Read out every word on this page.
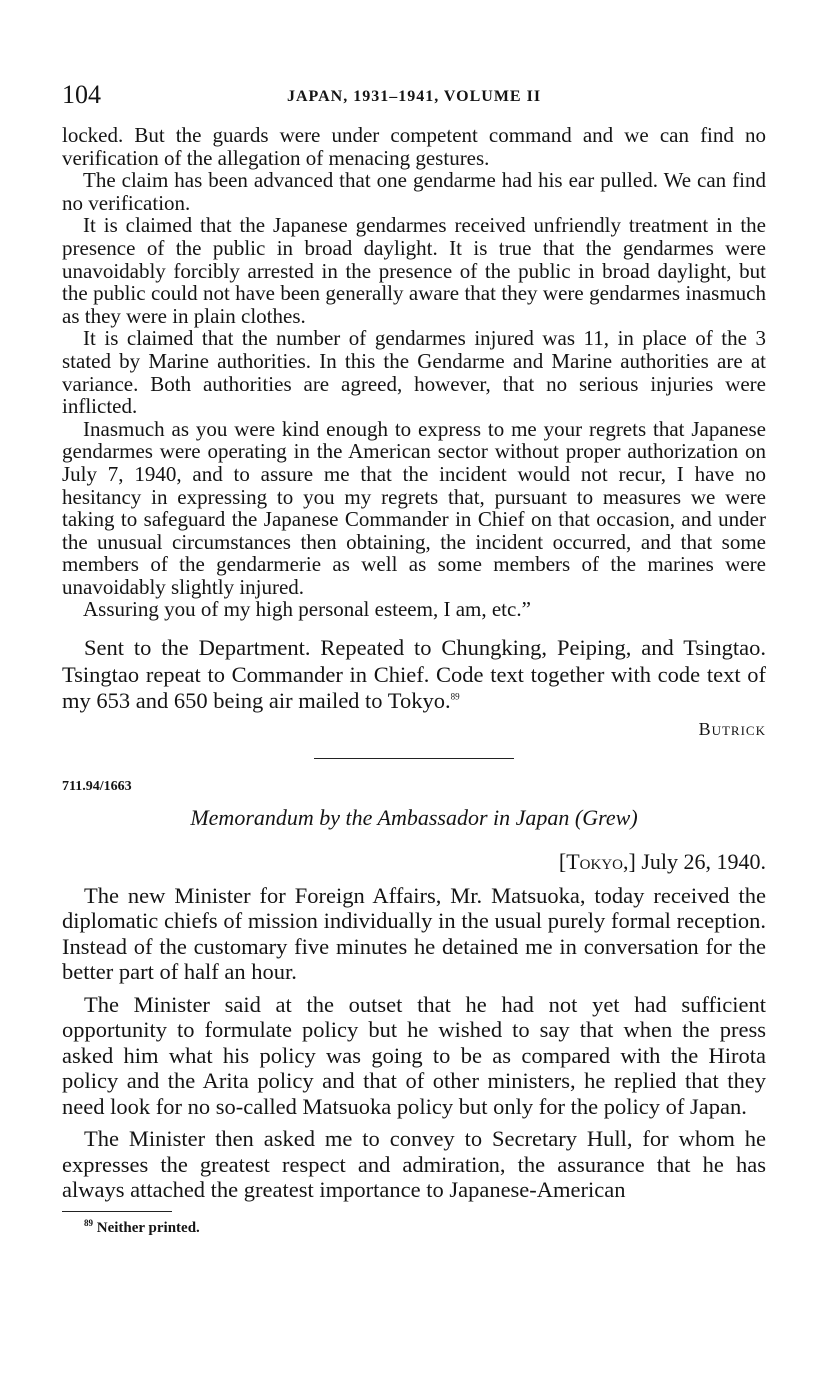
104	JAPAN, 1931–1941, VOLUME II

locked. But the guards were under competent command and we can find no verification of the allegation of menacing gestures.

The claim has been advanced that one gendarme had his ear pulled. We can find no verification.

It is claimed that the Japanese gendarmes received unfriendly treatment in the presence of the public in broad daylight. It is true that the gendarmes were unavoidably forcibly arrested in the presence of the public in broad daylight, but the public could not have been generally aware that they were gendarmes inasmuch as they were in plain clothes.

It is claimed that the number of gendarmes injured was 11, in place of the 3 stated by Marine authorities. In this the Gendarme and Marine authorities are at variance. Both authorities are agreed, however, that no serious injuries were inflicted.

Inasmuch as you were kind enough to express to me your regrets that Japanese gendarmes were operating in the American sector without proper authorization on July 7, 1940, and to assure me that the incident would not recur, I have no hesitancy in expressing to you my regrets that, pursuant to measures we were taking to safeguard the Japanese Commander in Chief on that occasion, and under the unusual circumstances then obtaining, the incident occurred, and that some members of the gendarmerie as well as some members of the marines were unavoidably slightly injured.

Assuring you of my high personal esteem, I am, etc.”

Sent to the Department. Repeated to Chungking, Peiping, and Tsingtao. Tsingtao repeat to Commander in Chief. Code text together with code text of my 653 and 650 being air mailed to Tokyo.$^{89}$

Butrick
711.94/1663
Memorandum by the Ambassador in Japan (Grew)
[Tokyo,] July 26, 1940.

The new Minister for Foreign Affairs, Mr. Matsuoka, today received the diplomatic chiefs of mission individually in the usual purely formal reception. Instead of the customary five minutes he detained me in conversation for the better part of half an hour.

The Minister said at the outset that he had not yet had sufficient opportunity to formulate policy but he wished to say that when the press asked him what his policy was going to be as compared with the Hirota policy and the Arita policy and that of other ministers, he replied that they need look for no so-called Matsuoka policy but only for the policy of Japan.

The Minister then asked me to convey to Secretary Hull, for whom he expresses the greatest respect and admiration, the assurance that he has always attached the greatest importance to Japanese-American

$^{89}$ Neither printed.
